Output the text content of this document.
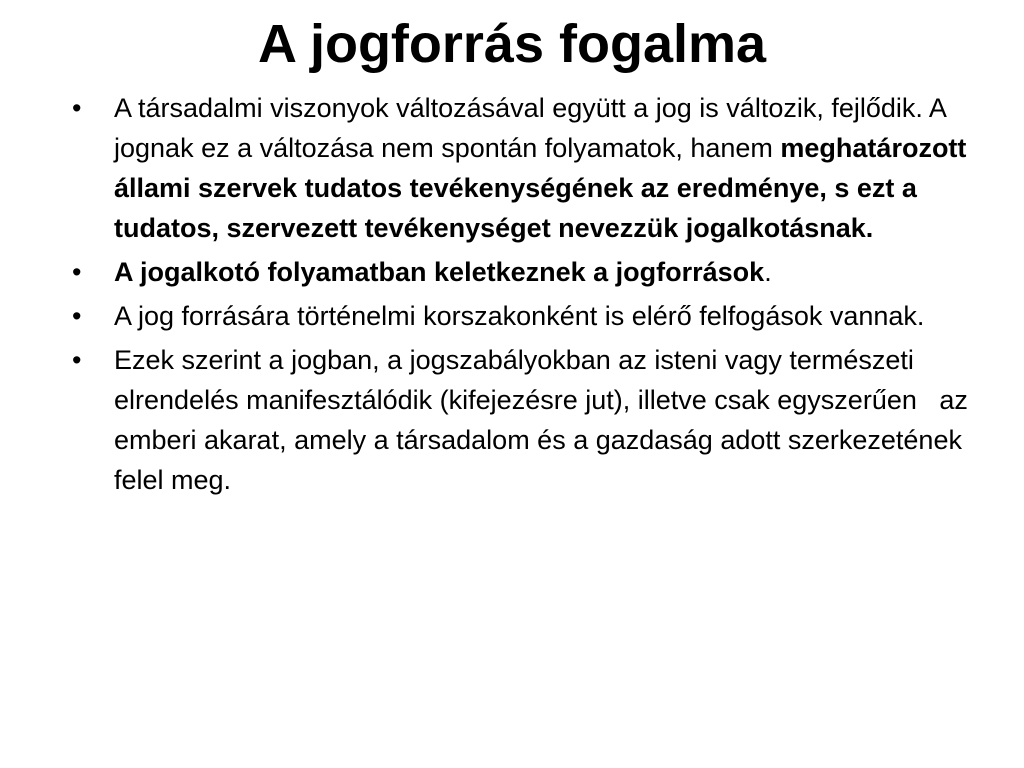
A jogforrás fogalma
•	A társadalmi viszonyok változásával együtt a jog is változik, fejlődik. A jognak ez a változása nem spontán folyamatok, hanem meghatározott állami szervek tudatos tevékenységének az eredménye, s ezt a tudatos, szervezett tevékenységet nevezzük jogalkotásnak.
•	A jogalkotó folyamatban keletkeznek a jogforrások.
•	A jog forrására történelmi korszakonként is elérő felfogások vannak.
•	Ezek szerint a jogban, a jogszabályokban az isteni vagy természeti elrendelés manifesztálódik (kifejezésre jut), illetve csak egyszerűen   az emberi akarat, amely a társadalom és a gazdaság adott szerkezetének felel meg.
